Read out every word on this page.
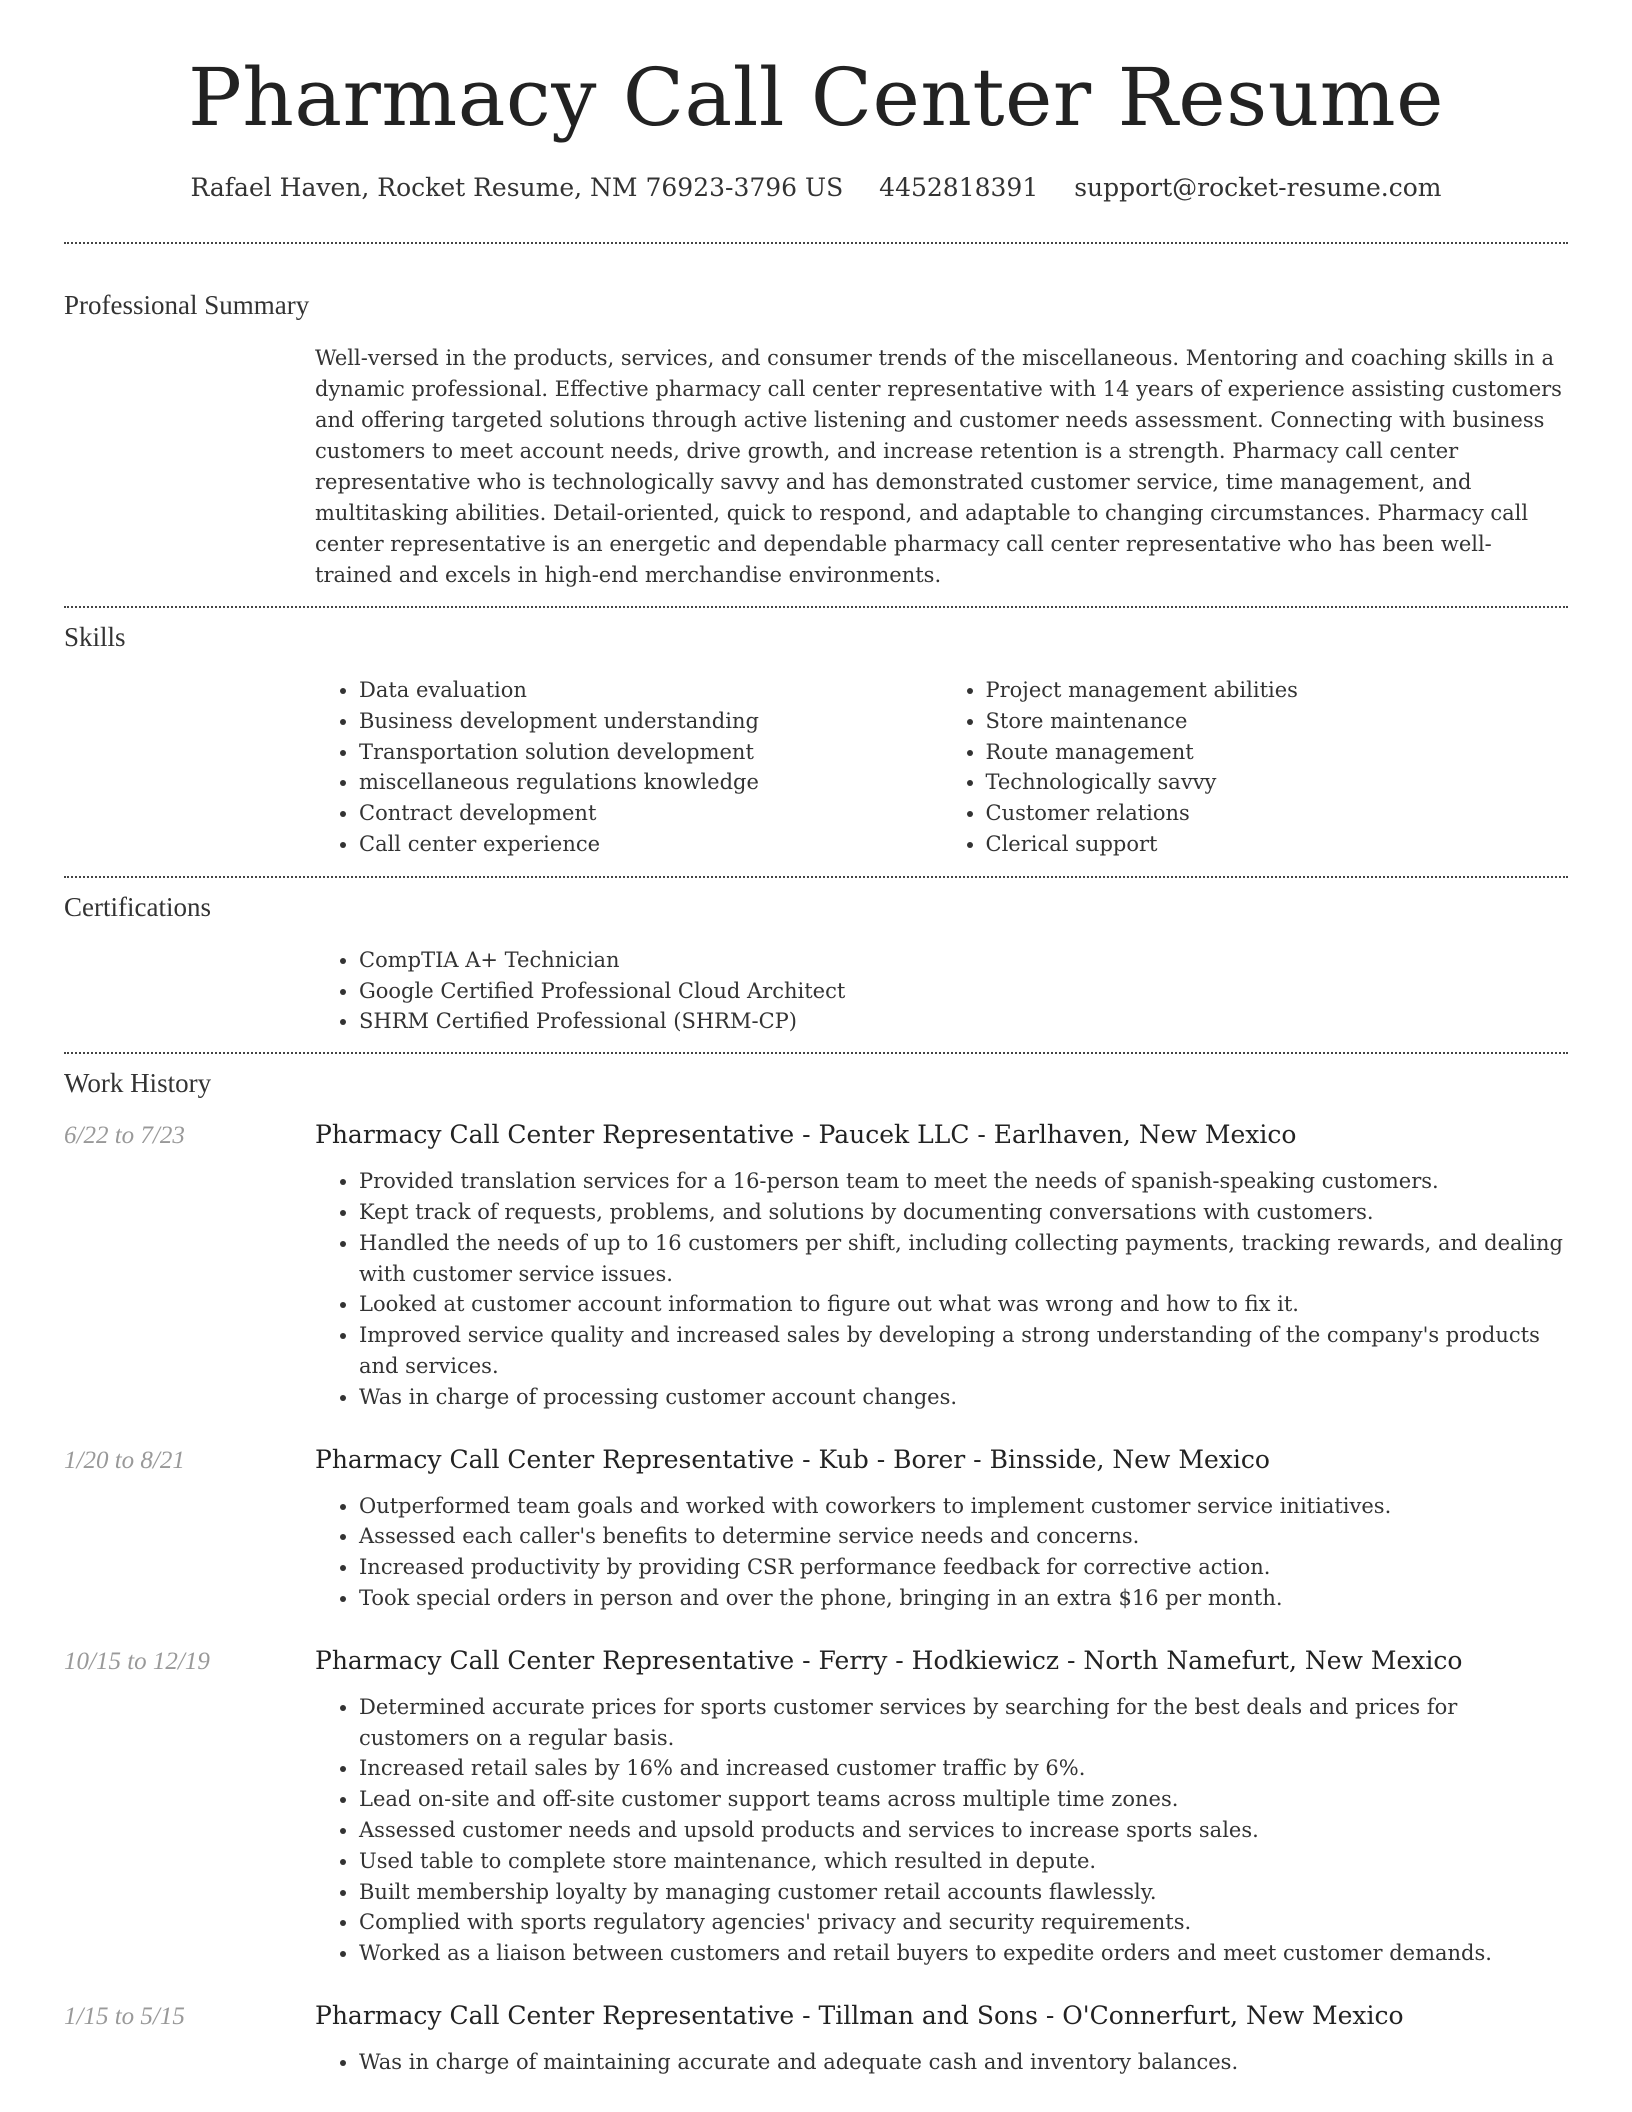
Pharmacy Call Center Resume
Rafael Haven, Rocket Resume, NM 76923-3796 US 4452818391 support@rocket-resume.com
Professional Summary

Well-versed in the products, services, and consumer trends of the miscellaneous. Mentoring and coaching skills in a dynamic professional. Effective pharmacy call center representative with 14 years of experience assisting customers and offering targeted solutions through active listening and customer needs assessment. Connecting with business customers to meet account needs, drive growth, and increase retention is a strength. Pharmacy call center representative who is technologically savvy and has demonstrated customer service, time management, and multitasking abilities. Detail-oriented, quick to respond, and adaptable to changing circumstances. Pharmacy call center representative is an energetic and dependable pharmacy call center representative who has been well-trained and excels in high-end merchandise environments.

Skills
• Data evaluation
• Business development understanding
• Transportation solution development
• miscellaneous regulations knowledge
• Contract development
• Call center experience
• Project management abilities
• Store maintenance
• Route management
• Technologically savvy
• Customer relations
• Clerical support
Certifications
• CompTIA A+ Technician
• Google Certified Professional Cloud Architect
• SHRM Certified Professional (SHRM-CP)
Work History
6/22 to 7/23	Pharmacy Call Center Representative - Paucek LLC - Earlhaven, New Mexico
• Provided translation services for a 16-person team to meet the needs of spanish-speaking customers.
• Kept track of requests, problems, and solutions by documenting conversations with customers.
• Handled the needs of up to 16 customers per shift, including collecting payments, tracking rewards, and dealing with customer service issues.
• Looked at customer account information to figure out what was wrong and how to fix it.
• Improved service quality and increased sales by developing a strong understanding of the company's products and services.
• Was in charge of processing customer account changes.
1/20 to 8/21	Pharmacy Call Center Representative - Kub - Borer - Binsside, New Mexico
• Outperformed team goals and worked with coworkers to implement customer service initiatives.
• Assessed each caller's benefits to determine service needs and concerns.
• Increased productivity by providing CSR performance feedback for corrective action.
• Took special orders in person and over the phone, bringing in an extra $16 per month.
10/15 to 12/19	Pharmacy Call Center Representative - Ferry - Hodkiewicz - North Namefurt, New Mexico
• Determined accurate prices for sports customer services by searching for the best deals and prices for customers on a regular basis.
• Increased retail sales by 16% and increased customer traffic by 6%.
• Lead on-site and off-site customer support teams across multiple time zones.
• Assessed customer needs and upsold products and services to increase sports sales.
• Used table to complete store maintenance, which resulted in depute.
• Built membership loyalty by managing customer retail accounts flawlessly.
• Complied with sports regulatory agencies' privacy and security requirements.
• Worked as a liaison between customers and retail buyers to expedite orders and meet customer demands.
1/15 to 5/15	Pharmacy Call Center Representative - Tillman and Sons - O'Connerfurt, New Mexico
• Was in charge of maintaining accurate and adequate cash and inventory balances.
